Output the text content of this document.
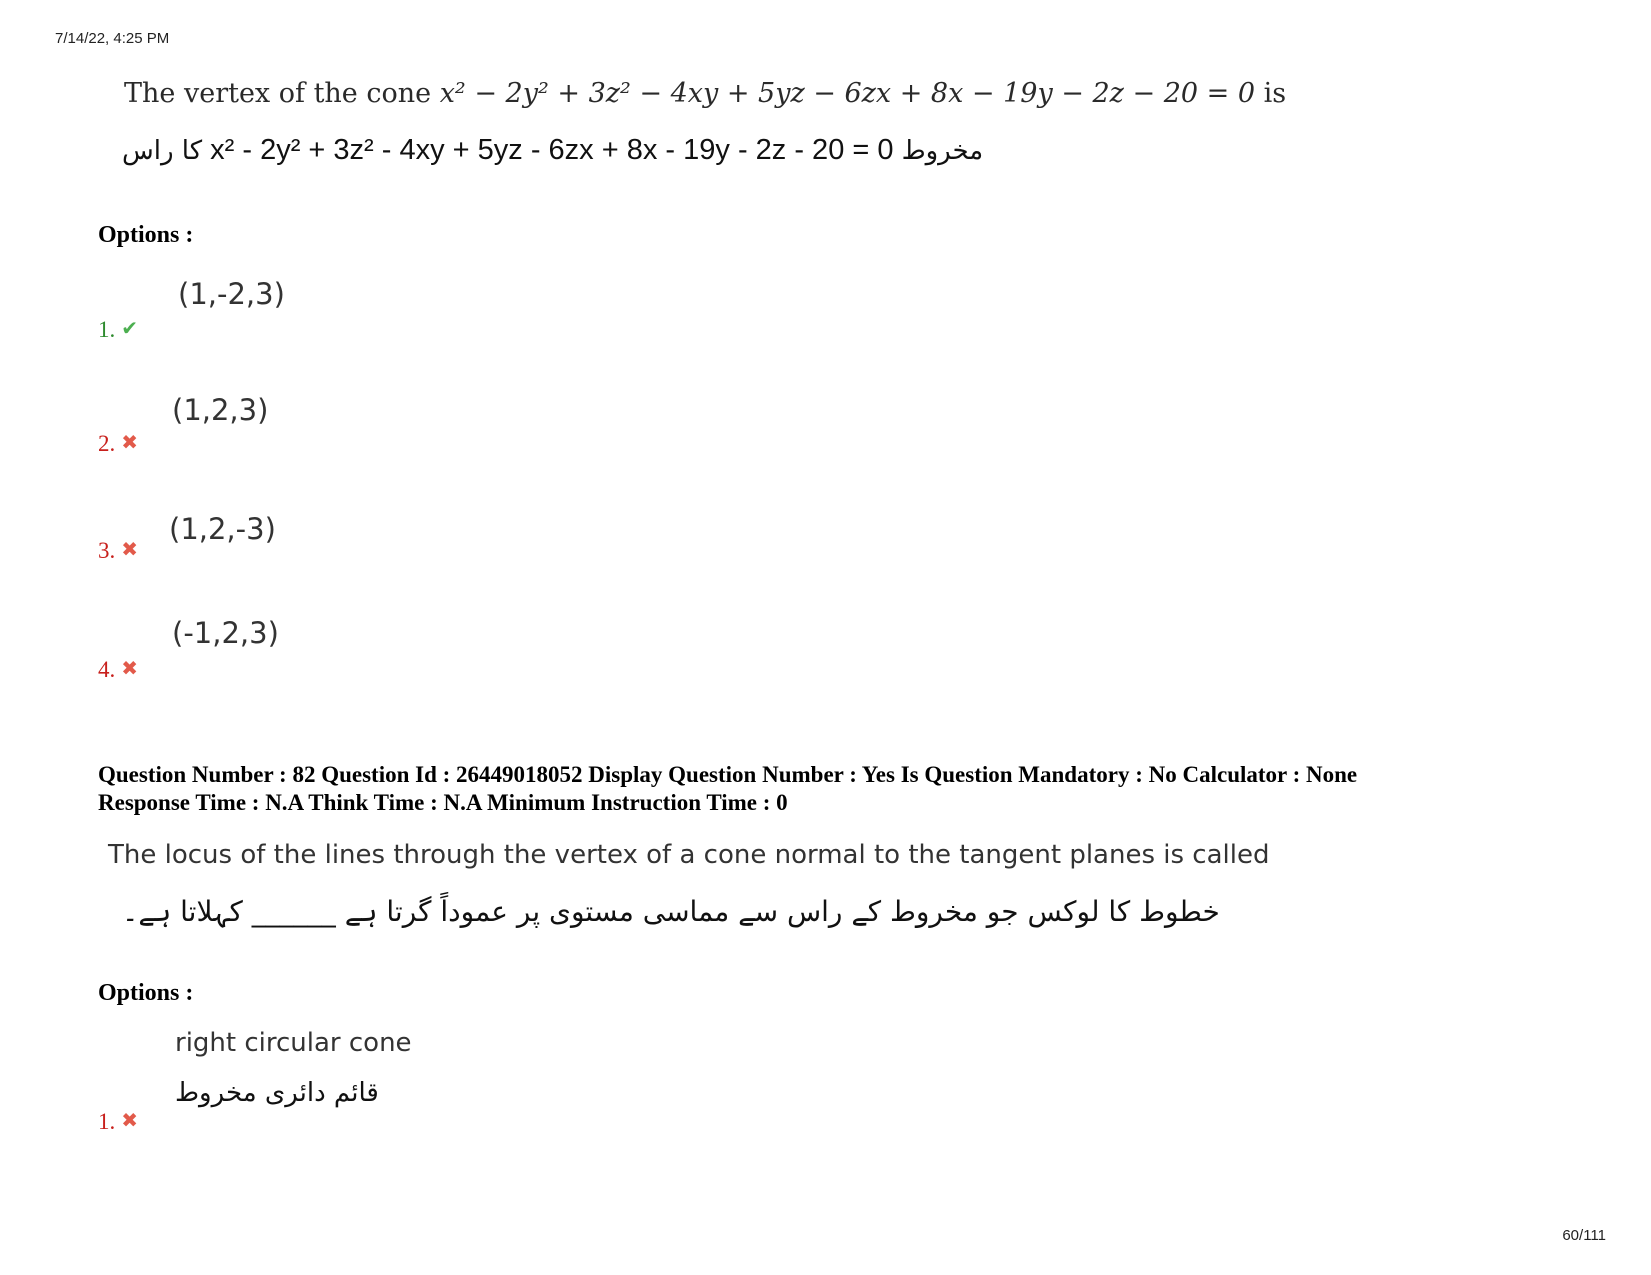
7/14/22, 4:25 PM
The vertex of the cone x² − 2y² + 3z² − 4xy + 5yz − 6zx + 8x − 19y − 2z − 20 = 0 is
کا راس x² - 2y² + 3z² - 4xy + 5yz - 6zx + 8x - 19y - 2z - 20 = 0 مخروط
Options :
(1,-2,3)
1. ✔
(1,2,3)
2. ✖
(1,2,-3)
3. ✖
(-1,2,3)
4. ✖
Question Number : 82 Question Id : 26449018052 Display Question Number : Yes Is Question Mandatory : No Calculator : None
Response Time : N.A Think Time : N.A Minimum Instruction Time : 0
The locus of the lines through the vertex of a cone normal to the tangent planes is called
خطوط کا لوکس جو مخروط کے راس سے مماسی مستوی پر عموداً گرتا ہے ______ کہلاتا ہے۔
Options :
right circular cone
قائم دائری مخروط
1. ✖
60/111
